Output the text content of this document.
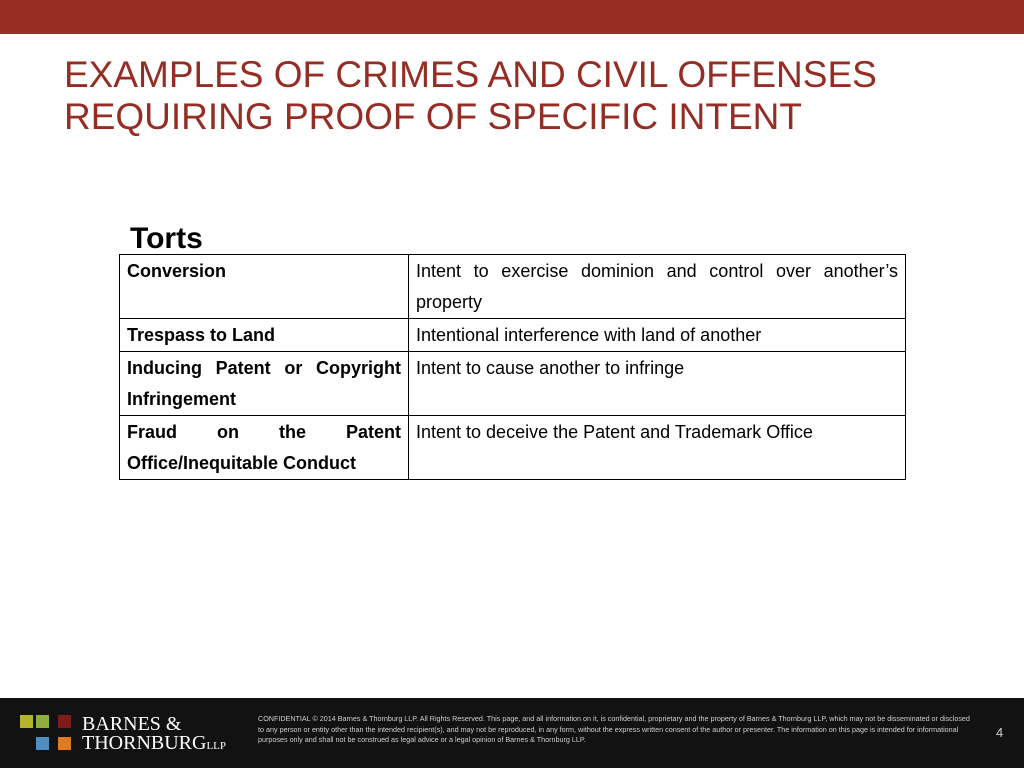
EXAMPLES OF CRIMES AND CIVIL OFFENSES
REQUIRING PROOF OF SPECIFIC INTENT
Torts
Conversion	Intent to exercise dominion and control over another’s property
Trespass to Land	Intentional interference with land of another
Inducing Patent or Copyright Infringement	Intent to cause another to infringe
Fraud on the Patent Office/Inequitable Conduct	Intent to deceive the Patent and Trademark Office
BARNES &
THORNBURGLLP
CONFIDENTIAL © 2014 Barnes & Thornburg LLP. All Rights Reserved. This page, and all information on it, is confidential, proprietary and the property of Barnes & Thornburg LLP, which may not be disseminated or disclosed to any person or entity other than the intended recipient(s), and may not be reproduced, in any form, without the express written consent of the author or presenter. The information on this page is intended for informational purposes only and shall not be construed as legal advice or a legal opinion of Barnes & Thornburg LLP.	4
